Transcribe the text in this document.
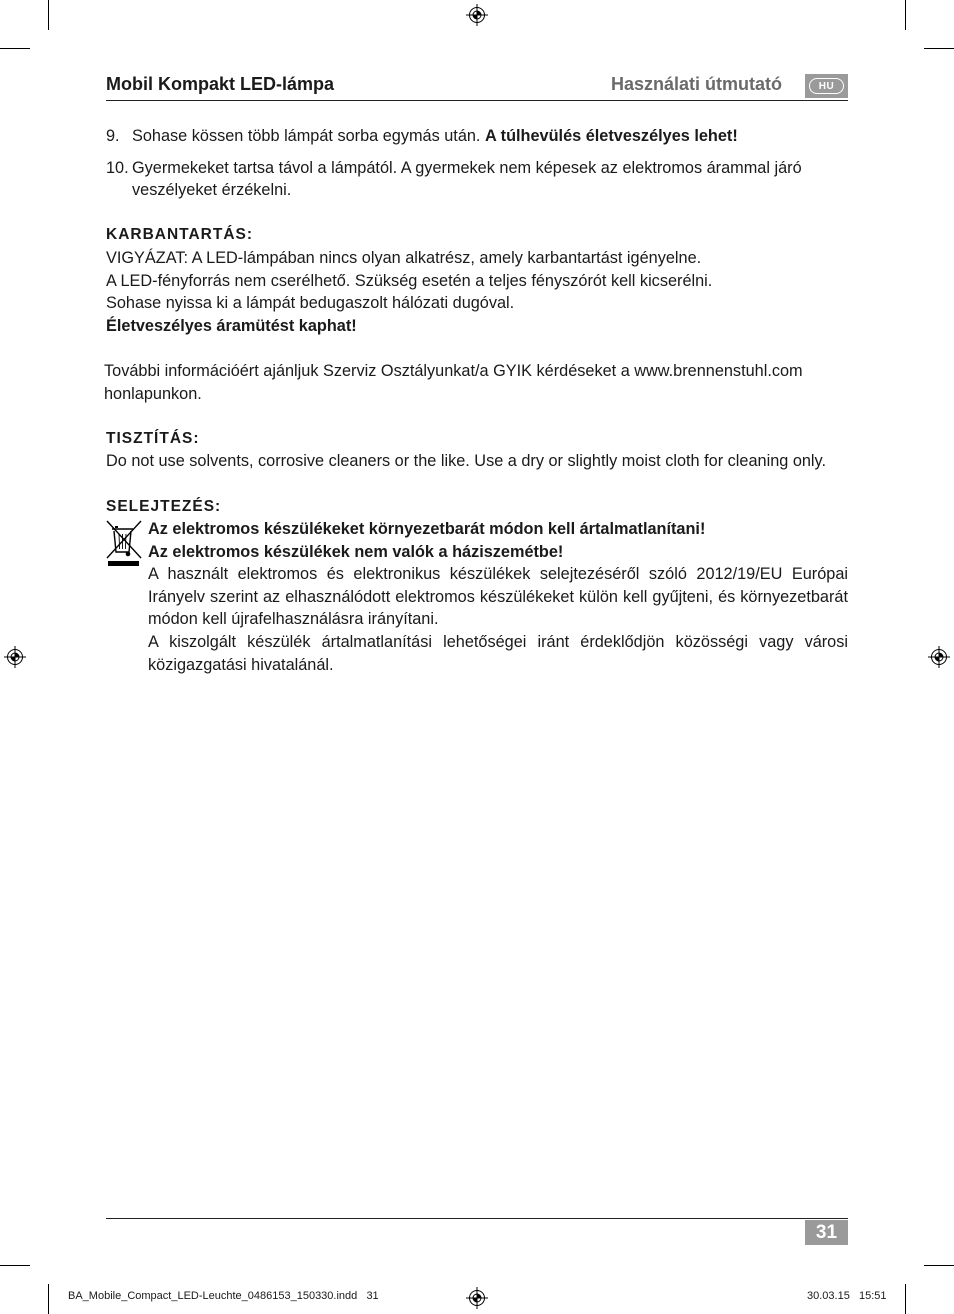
Mobil Kompakt LED-lámpa	Használati útmutató	HU
9. Sohase kössen több lámpát sorba egymás után. A túlhevülés életveszélyes lehet!
10. Gyermekeket tartsa távol a lámpától. A gyermekek nem képesek az elektromos árammal járó veszélyeket érzékelni.
KARBANTARTÁS:
VIGYÁZAT: A LED-lámpában nincs olyan alkatrész, amely karbantartást igényelne.
A LED-fényforrás nem cserélhető. Szükség esetén a teljes fényszórót kell kicserélni.
Sohase nyissa ki a lámpát bedugaszolt hálózati dugóval.
Életveszélyes áramütést kaphat!
További információért ajánljuk Szerviz Osztályunkat/a GYIK kérdéseket a www.brennenstuhl.com honlapunkon.
TISZTÍTÁS:
Do not use solvents, corrosive cleaners or the like. Use a dry or slightly moist cloth for cleaning only.
SELEJTEZÉS:
Az elektromos készülékeket környezetbarát módon kell ártalmatlanítani!
Az elektromos készülékek nem valók a háziszemétbe!
A használt elektromos és elektronikus készülékek selejtezéséről szóló 2012/19/EU Európai Irányelv szerint az elhasználódott elektromos készülékeket külön kell gyűjteni, és környezetbarát módon kell újrafelhasználásra irányítani.
A kiszolgált készülék ártalmatlanítási lehetőségei iránt érdeklődjön közösségi vagy városi közigazgatási hivatalánál.
31
BA_Mobile_Compact_LED-Leuchte_0486153_150330.indd   31	30.03.15   15:51
